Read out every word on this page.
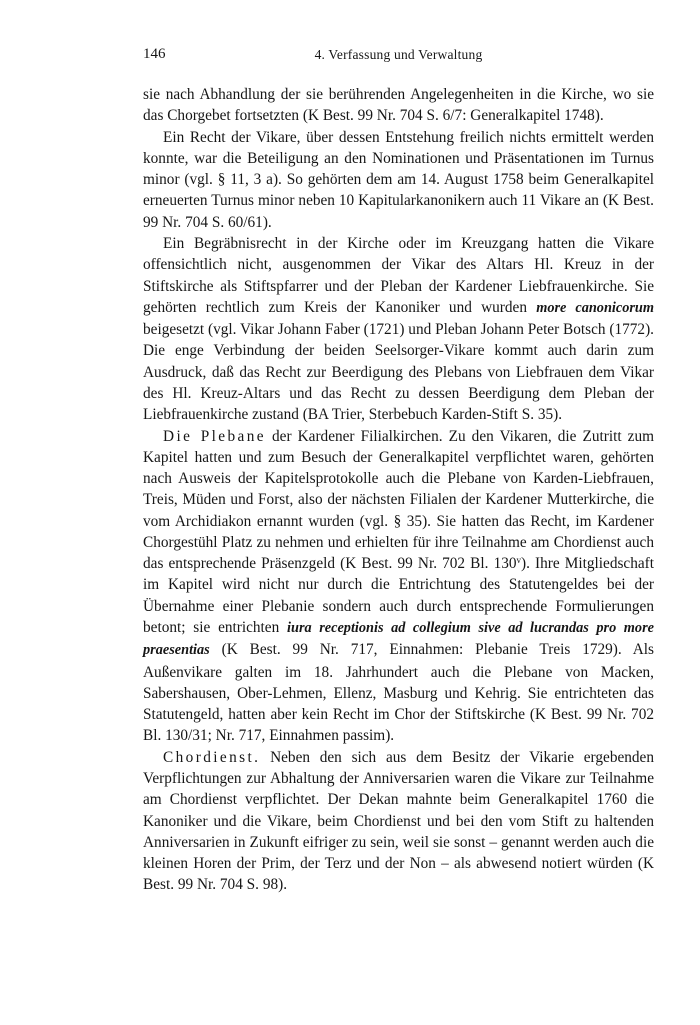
146	4. Verfassung und Verwaltung

sie nach Abhandlung der sie berührenden Angelegenheiten in die Kirche, wo sie das Chorgebet fortsetzten (K Best. 99 Nr. 704 S. 6/7: Generalkapitel 1748).

Ein Recht der Vikare, über dessen Entstehung freilich nichts ermittelt werden konnte, war die Beteiligung an den Nominationen und Präsentationen im Turnus minor (vgl. § 11, 3 a). So gehörten dem am 14. August 1758 beim Generalkapitel erneuerten Turnus minor neben 10 Kapitularkanonikern auch 11 Vikare an (K Best. 99 Nr. 704 S. 60/61).

Ein Begräbnisrecht in der Kirche oder im Kreuzgang hatten die Vikare offensichtlich nicht, ausgenommen der Vikar des Altars Hl. Kreuz in der Stiftskirche als Stiftspfarrer und der Pleban der Kardener Liebfrauenkirche. Sie gehörten rechtlich zum Kreis der Kanoniker und wurden more canonicorum beigesetzt (vgl. Vikar Johann Faber (1721) und Pleban Johann Peter Botsch (1772). Die enge Verbindung der beiden Seelsorger-Vikare kommt auch darin zum Ausdruck, daß das Recht zur Beerdigung des Plebans von Liebfrauen dem Vikar des Hl. Kreuz-Altars und das Recht zu dessen Beerdigung dem Pleban der Liebfrauenkirche zustand (BA Trier, Sterbebuch Karden-Stift S. 35).

Die Plebane der Kardener Filialkirchen. Zu den Vikaren, die Zutritt zum Kapitel hatten und zum Besuch der Generalkapitel verpflichtet waren, gehörten nach Ausweis der Kapitelsprotokolle auch die Plebane von Karden-Liebfrauen, Treis, Müden und Forst, also der nächsten Filialen der Kardener Mutterkirche, die vom Archidiakon ernannt wurden (vgl. § 35). Sie hatten das Recht, im Kardener Chorgestühl Platz zu nehmen und erhielten für ihre Teilnahme am Chordienst auch das entsprechende Präsenzgeld (K Best. 99 Nr. 702 Bl. 130$^v$). Ihre Mitgliedschaft im Kapitel wird nicht nur durch die Entrichtung des Statutengeldes bei der Übernahme einer Plebanie sondern auch durch entsprechende Formulierungen betont; sie entrichten iura receptionis ad collegium sive ad lucrandas pro more praesentias (K Best. 99 Nr. 717, Einnahmen: Plebanie Treis 1729). Als Außenvikare galten im 18. Jahrhundert auch die Plebane von Macken, Sabershausen, Ober-Lehmen, Ellenz, Masburg und Kehrig. Sie entrichteten das Statutengeld, hatten aber kein Recht im Chor der Stiftskirche (K Best. 99 Nr. 702 Bl. 130/31; Nr. 717, Einnahmen passim).

Chordienst. Neben den sich aus dem Besitz der Vikarie ergebenden Verpflichtungen zur Abhaltung der Anniversarien waren die Vikare zur Teilnahme am Chordienst verpflichtet. Der Dekan mahnte beim Generalkapitel 1760 die Kanoniker und die Vikare, beim Chordienst und bei den vom Stift zu haltenden Anniversarien in Zukunft eifriger zu sein, weil sie sonst – genannt werden auch die kleinen Horen der Prim, der Terz und der Non – als abwesend notiert würden (K Best. 99 Nr. 704 S. 98).
